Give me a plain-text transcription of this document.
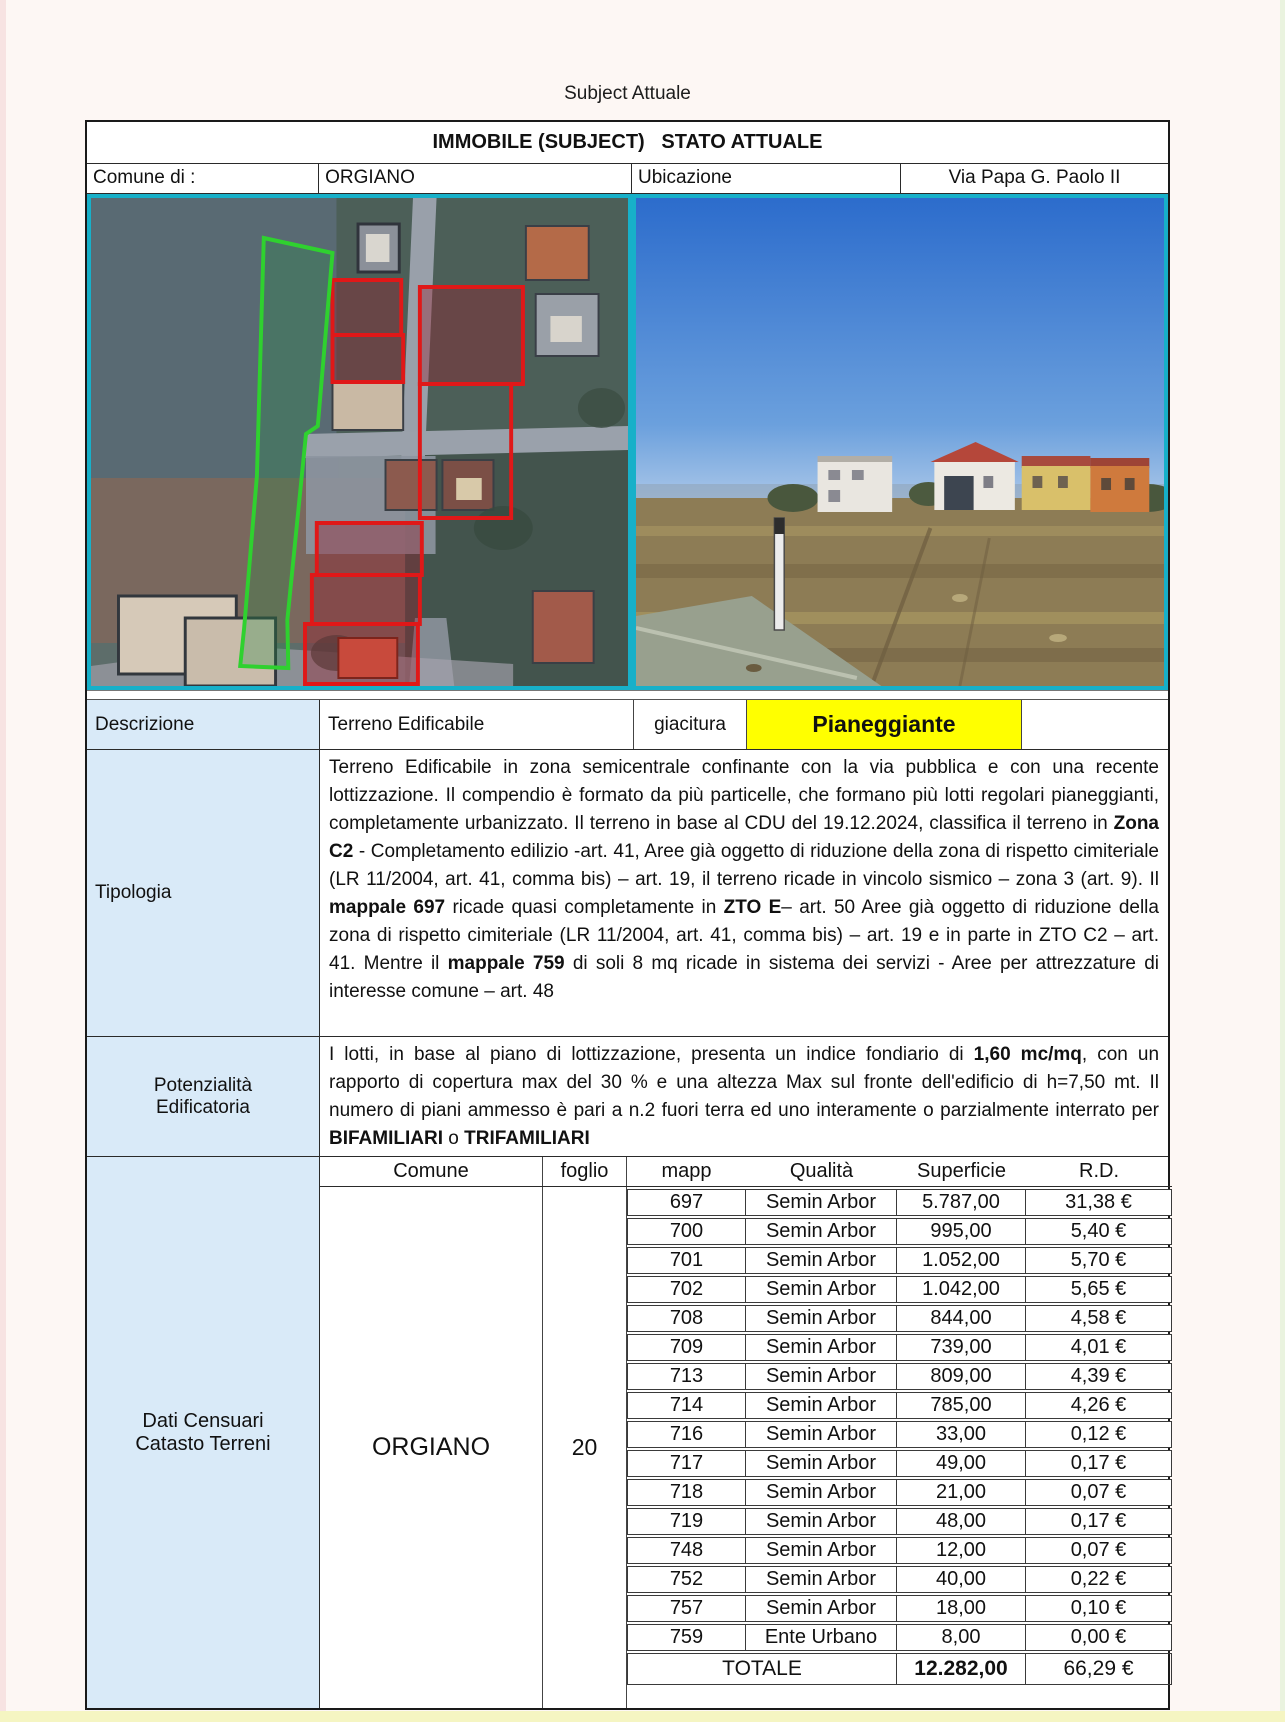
Subject Attuale
IMMOBILE (SUBJECT)   STATO ATTUALE
Comune di :	ORGIANO	Ubicazione	Via Papa G. Paolo II
Descrizione	Terreno Edificabile	giacitura	Pianeggiante
Tipologia
Terreno Edificabile in zona semicentrale confinante con la via pubblica e con una recente lottizzazione. Il compendio è formato da più particelle, che formano più lotti regolari pianeggianti, completamente urbanizzato. Il terreno in base al CDU del 19.12.2024, classifica il terreno in Zona C2 - Completamento edilizio -art. 41, Aree già oggetto di riduzione della zona di rispetto cimiteriale (LR 11/2004, art. 41, comma bis) – art. 19, il terreno ricade in vincolo sismico – zona 3 (art. 9). Il mappale 697 ricade quasi completamente in ZTO E– art. 50 Aree già oggetto di riduzione della zona di rispetto cimiteriale (LR 11/2004, art. 41, comma bis) – art. 19 e in parte in ZTO C2 – art. 41. Mentre il mappale 759 di soli 8 mq ricade in sistema dei servizi - Aree per attrezzature di interesse comune – art. 48
Potenzialità
Edificatoria
I lotti, in base al piano di lottizzazione, presenta un indice fondiario di 1,60 mc/mq, con un rapporto di copertura max del 30 % e una altezza Max sul fronte dell'edificio di h=7,50 mt. Il numero di piani ammesso è pari a n.2 fuori terra ed uno interamente o parzialmente interrato per BIFAMILIARI o TRIFAMILIARI
Dati Censuari
Catasto Terreni
Comune	foglio	mapp	Qualità	Superficie	R.D.
ORGIANO	20
697	Semin Arbor	5.787,00	31,38 €
700	Semin Arbor	995,00	5,40 €
701	Semin Arbor	1.052,00	5,70 €
702	Semin Arbor	1.042,00	5,65 €
708	Semin Arbor	844,00	4,58 €
709	Semin Arbor	739,00	4,01 €
713	Semin Arbor	809,00	4,39 €
714	Semin Arbor	785,00	4,26 €
716	Semin Arbor	33,00	0,12 €
717	Semin Arbor	49,00	0,17 €
718	Semin Arbor	21,00	0,07 €
719	Semin Arbor	48,00	0,17 €
748	Semin Arbor	12,00	0,07 €
752	Semin Arbor	40,00	0,22 €
757	Semin Arbor	18,00	0,10 €
759	Ente Urbano	8,00	0,00 €
TOTALE	12.282,00	66,29 €
